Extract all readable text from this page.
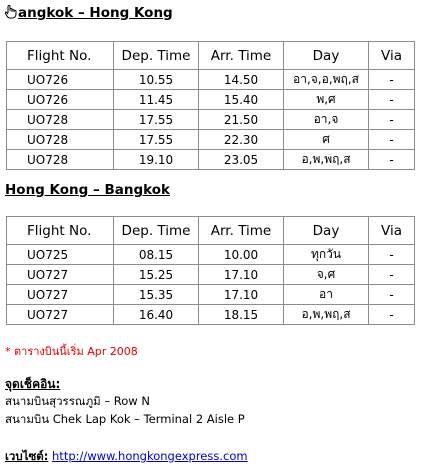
angkok – Hong Kong
Flight No.	Dep. Time	Arr. Time	Day	Via
UO726	10.55	14.50	อา,จ,อ,พฤ,ส	-
UO726	11.45	15.40	พ,ศ	-
UO728	17.55	21.50	อา,จ	-
UO728	17.55	22.30	ศ	-
UO728	19.10	23.05	อ,พ,พฤ,ส	-
Hong Kong – Bangkok
Flight No.	Dep. Time	Arr. Time	Day	Via
UO725	08.15	10.00	ทุกวัน	-
UO727	15.25	17.10	จ,ศ	-
UO727	15.35	17.10	อา	-
UO727	16.40	18.15	อ,พ,พฤ,ส	-
* ตารางบินนี้เริ่ม Apr 2008
จุดเช็คอิน:
สนามบินสุวรรณภูมิ – Row N
สนามบิน Chek Lap Kok – Terminal 2 Aisle P
เวบไซต์: http://www.hongkongexpress.com
